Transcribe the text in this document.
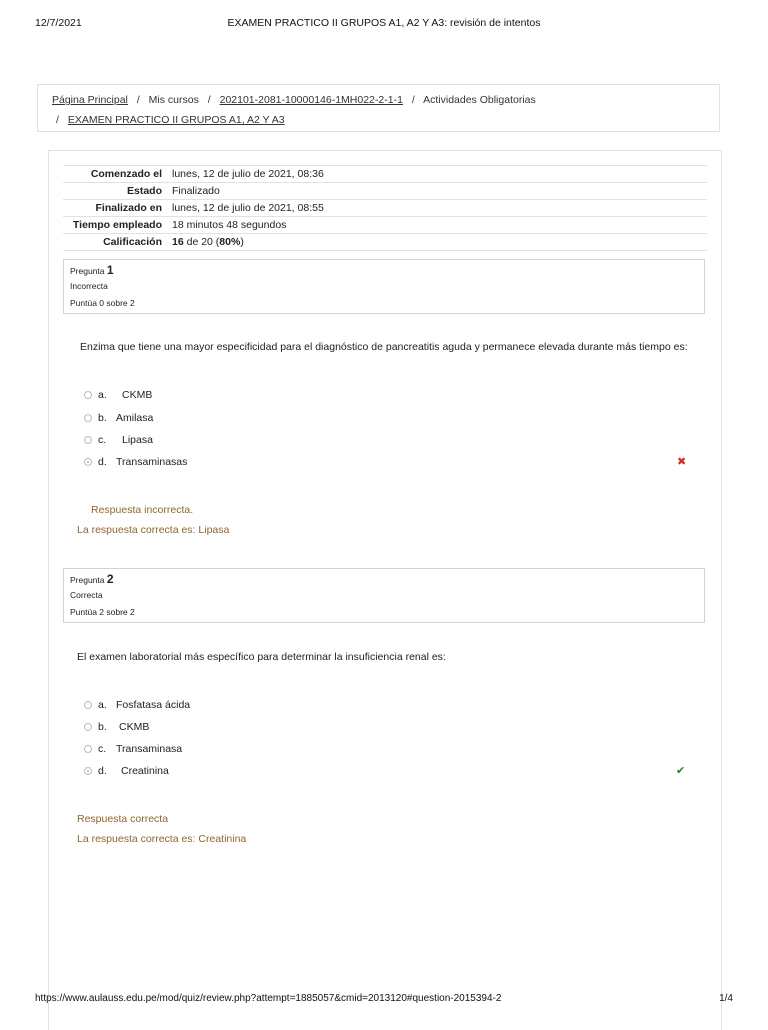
12/7/2021	EXAMEN PRACTICO II GRUPOS A1, A2 Y A3: revisión de intentos
Página Principal / Mis cursos / 202101-2081-10000146-1MH022-2-1-1 / Actividades Obligatorias
/ EXAMEN PRACTICO II GRUPOS A1, A2 Y A3
Comenzado el	lunes, 12 de julio de 2021, 08:36
Estado	Finalizado
Finalizado en	lunes, 12 de julio de 2021, 08:55
Tiempo empleado	18 minutos 48 segundos
Calificación	16 de 20 (80%)
Pregunta 1
Incorrecta
Puntúa 0 sobre 2
Enzima que tiene una mayor especificidad para el diagnóstico de pancreatitis aguda y permanece elevada durante más tiempo es:
a. CKMB
b. Amilasa
c. Lipasa
d. Transaminasas	✖
Respuesta incorrecta.
La respuesta correcta es: Lipasa
Pregunta 2
Correcta
Puntúa 2 sobre 2
El examen laboratorial más específico para determinar la insuficiencia renal es:
a. Fosfatasa ácida
b. CKMB
c. Transaminasa
d. Creatinina	✔
Respuesta correcta
La respuesta correcta es: Creatinina
https://www.aulauss.edu.pe/mod/quiz/review.php?attempt=1885057&cmid=2013120#question-2015394-2	1/4
